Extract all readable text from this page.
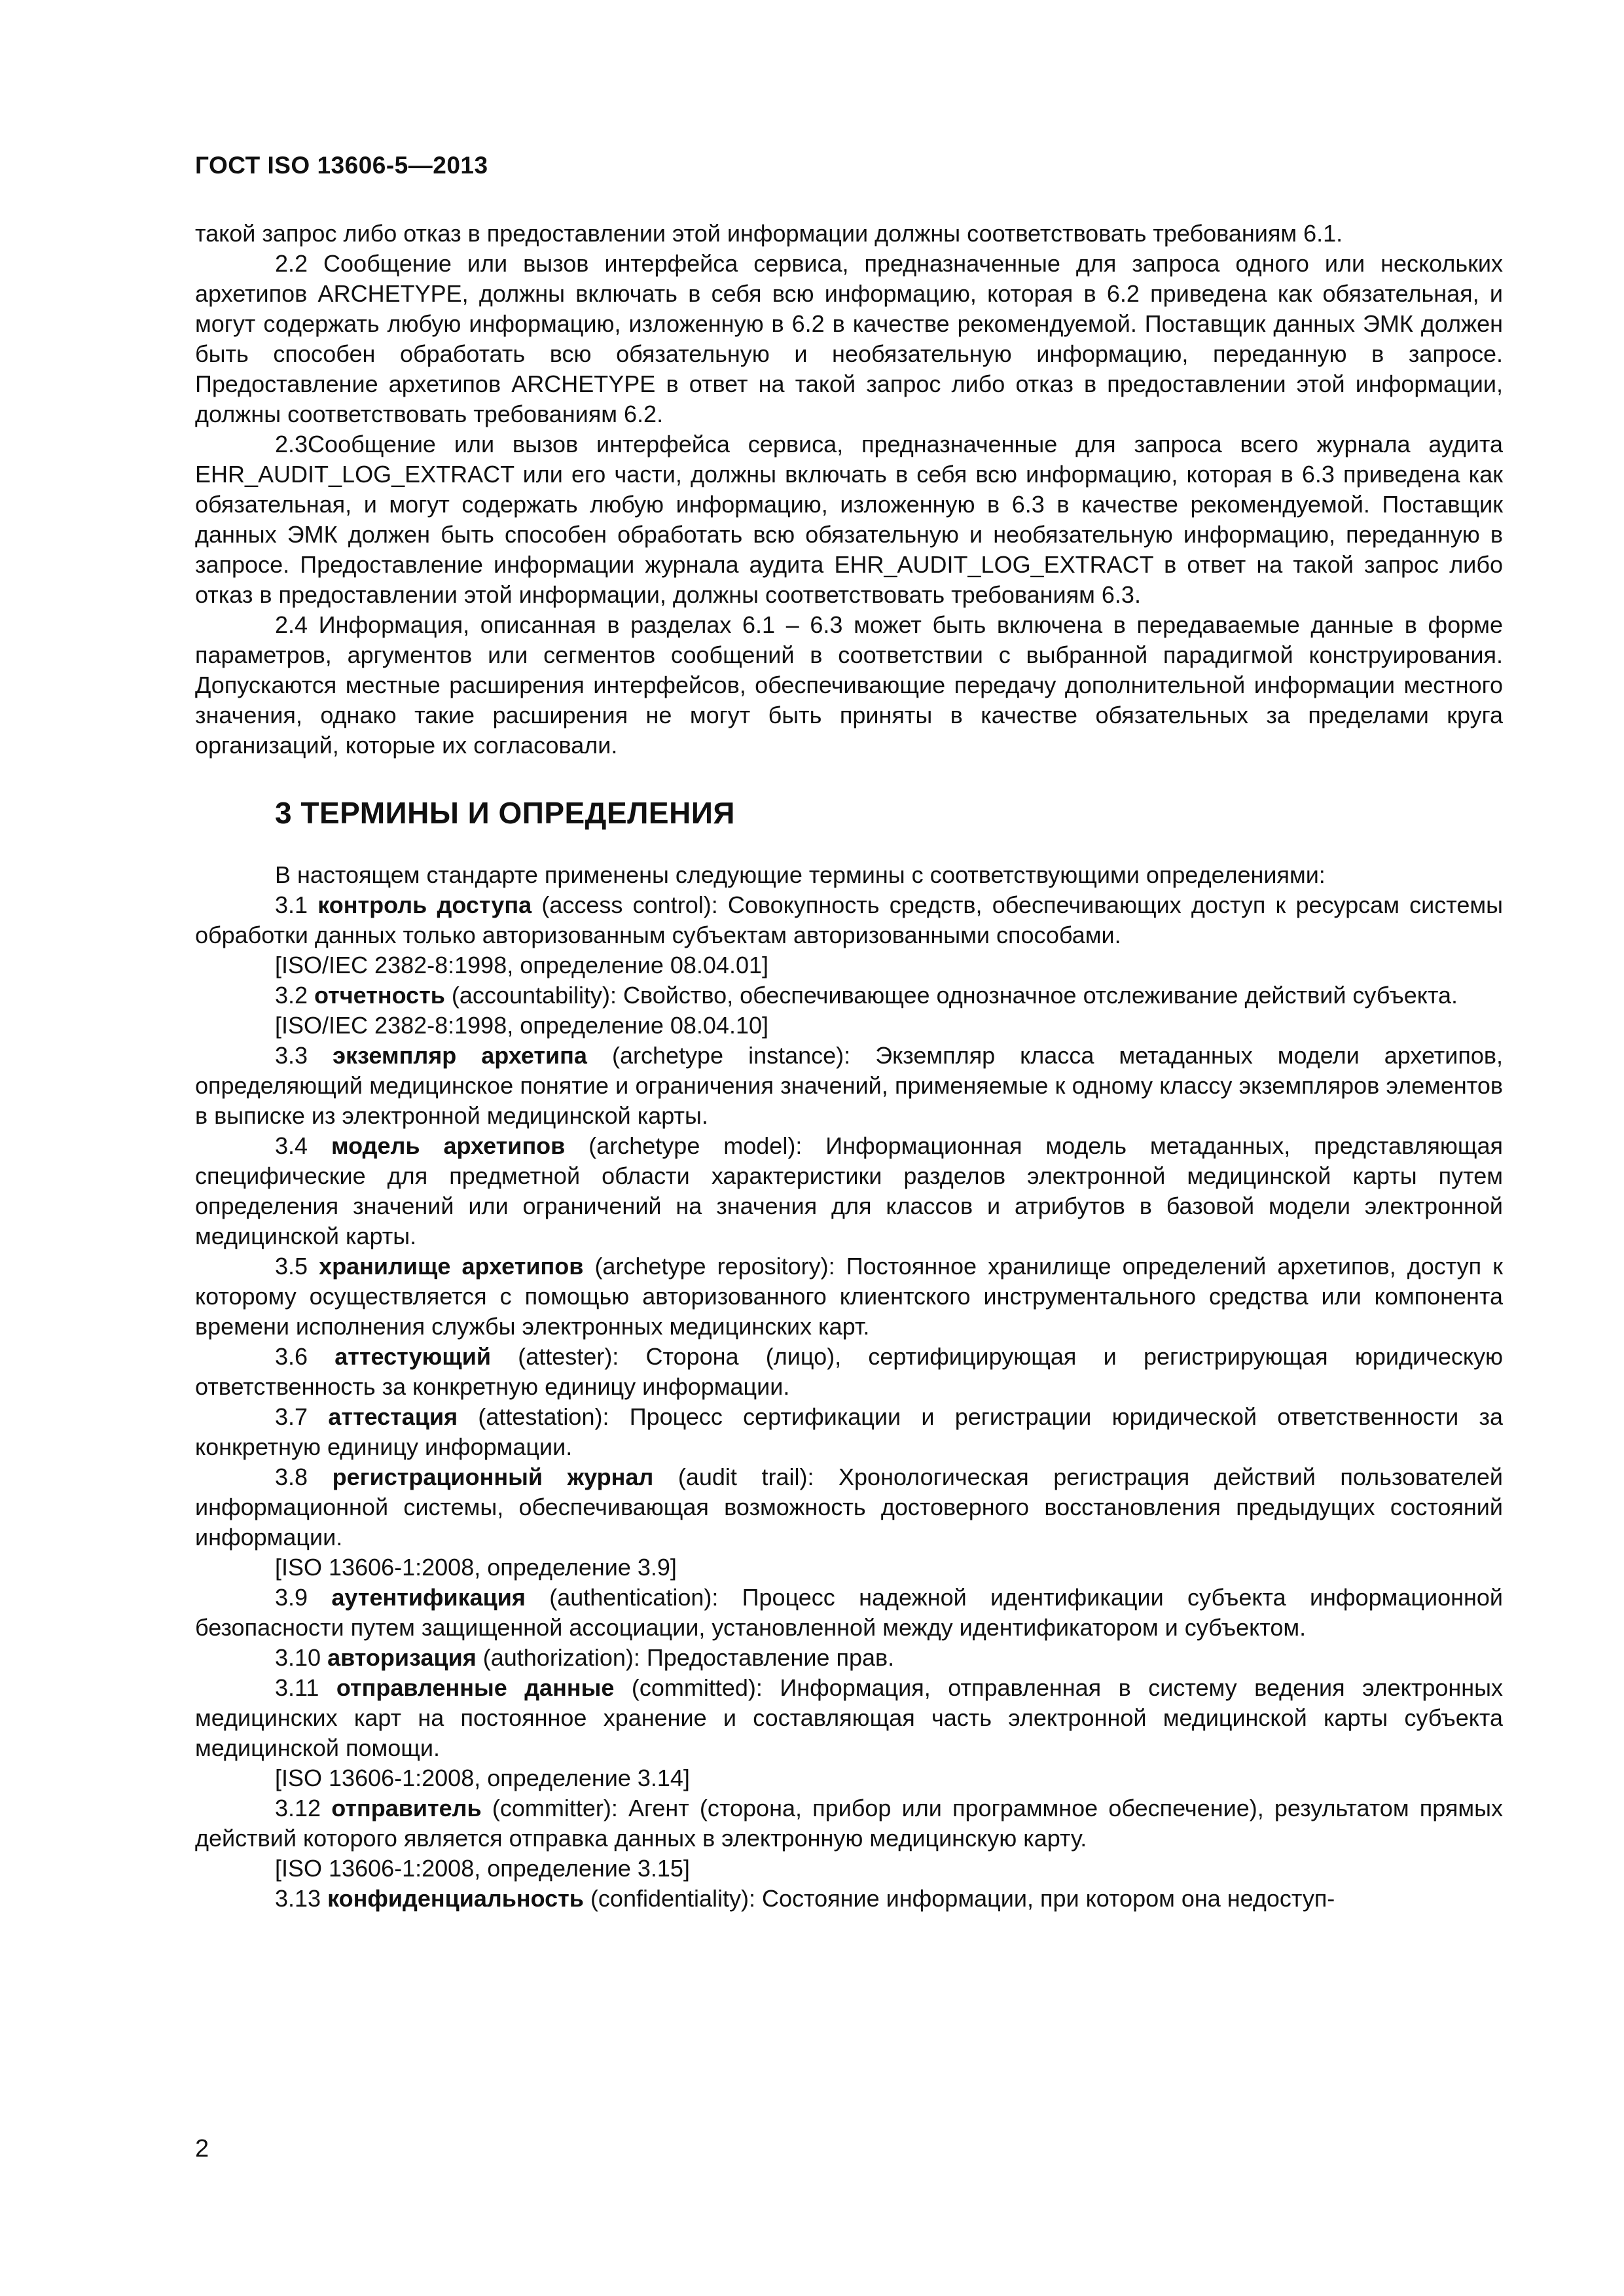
ГОСТ ISO 13606-5—2013

такой запрос либо отказ в предоставлении этой информации должны соответствовать требованиям 6.1.

2.2 Сообщение или вызов интерфейса сервиса, предназначенные для запроса одного или нескольких архетипов ARCHETYPE, должны включать в себя всю информацию, которая в 6.2 приведена как обязательная, и могут содержать любую информацию, изложенную в 6.2 в качестве рекомендуемой. Поставщик данных ЭМК должен быть способен обработать всю обязательную и необязательную информацию, переданную в запросе. Предоставление архетипов ARCHETYPE в ответ на такой запрос либо отказ в предоставлении этой информации, должны соответствовать требованиям 6.2.

2.3Сообщение или вызов интерфейса сервиса, предназначенные для запроса всего журнала аудита EHR_AUDIT_LOG_EXTRACT или его части, должны включать в себя всю информацию, которая в 6.3 приведена как обязательная, и могут содержать любую информацию, изложенную в 6.3 в качестве рекомендуемой. Поставщик данных ЭМК должен быть способен обработать всю обязательную и необязательную информацию, переданную в запросе. Предоставление информации журнала аудита EHR_AUDIT_LOG_EXTRACT в ответ на такой запрос либо отказ в предоставлении этой информации, должны соответствовать требованиям 6.3.

2.4 Информация, описанная в разделах 6.1 – 6.3 может быть включена в передаваемые данные в форме параметров, аргументов или сегментов сообщений в соответствии с выбранной парадигмой конструирования. Допускаются местные расширения интерфейсов, обеспечивающие передачу дополнительной информации местного значения, однако такие расширения не могут быть приняты в качестве обязательных за пределами круга организаций, которые их согласовали.

3 ТЕРМИНЫ И ОПРЕДЕЛЕНИЯ

В настоящем стандарте применены следующие термины с соответствующими определениями:

3.1 контроль доступа (access control): Совокупность средств, обеспечивающих доступ к ресурсам системы обработки данных только авторизованным субъектам авторизованными способами.

[ISO/IEC 2382-8:1998, определение 08.04.01]

3.2 отчетность (accountability): Свойство, обеспечивающее однозначное отслеживание действий субъекта.

[ISO/IEC 2382-8:1998, определение 08.04.10]

3.3 экземпляр архетипа (archetype instance): Экземпляр класса метаданных модели архетипов, определяющий медицинское понятие и ограничения значений, применяемые к одному классу экземпляров элементов в выписке из электронной медицинской карты.

3.4 модель архетипов (archetype model): Информационная модель метаданных, представляющая специфические для предметной области характеристики разделов электронной медицинской карты путем определения значений или ограничений на значения для классов и атрибутов в базовой модели электронной медицинской карты.

3.5 хранилище архетипов (archetype repository): Постоянное хранилище определений архетипов, доступ к которому осуществляется с помощью авторизованного клиентского инструментального средства или компонента времени исполнения службы электронных медицинских карт.

3.6 аттестующий (attester): Сторона (лицо), сертифицирующая и регистрирующая юридическую ответственность за конкретную единицу информации.

3.7 аттестация (attestation): Процесс сертификации и регистрации юридической ответственности за конкретную единицу информации.

3.8 регистрационный журнал (audit trail): Хронологическая регистрация действий пользователей информационной системы, обеспечивающая возможность достоверного восстановления предыдущих состояний информации.

[ISO 13606-1:2008, определение 3.9]

3.9 аутентификация (authentication): Процесс надежной идентификации субъекта информационной безопасности путем защищенной ассоциации, установленной между идентификатором и субъектом.

3.10 авторизация (authorization): Предоставление прав.

3.11 отправленные данные (committed): Информация, отправленная в систему ведения электронных медицинских карт на постоянное хранение и составляющая часть электронной медицинской карты субъекта медицинской помощи.

[ISO 13606-1:2008, определение 3.14]

3.12 отправитель (committer): Агент (сторона, прибор или программное обеспечение), результатом прямых действий которого является отправка данных в электронную медицинскую карту.

[ISO 13606-1:2008, определение 3.15]

3.13 конфиденциальность (confidentiality): Состояние информации, при котором она недоступ-

2
